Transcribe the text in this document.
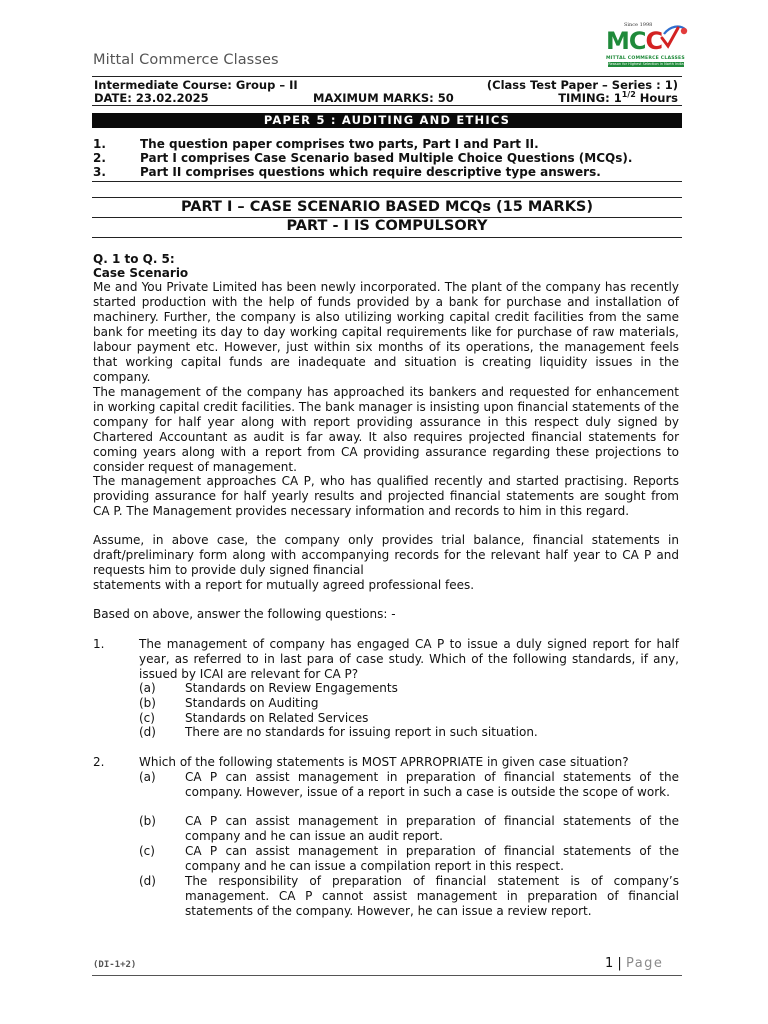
Mittal Commerce Classes
Since 1998
MCC
MITTAL COMMERCE CLASSES
Reason for Highest Selection in North India
Intermediate Course: Group – II	(Class Test Paper – Series : 1)
DATE: 23.02.2025	MAXIMUM MARKS: 50	TIMING: $1^{1/2}$ Hours
PAPER 5 : AUDITING AND ETHICS
1.	The question paper comprises two parts, Part I and Part II.
2.	Part I comprises Case Scenario based Multiple Choice Questions (MCQs).
3.	Part II comprises questions which require descriptive type answers.
PART I – CASE SCENARIO BASED MCQs (15 MARKS)
PART - I IS COMPULSORY
Q. 1 to Q. 5:
Case Scenario
Me and You Private Limited has been newly incorporated. The plant of the company has recently started production with the help of funds provided by a bank for purchase and installation of machinery. Further, the company is also utilizing working capital credit facilities from the same bank for meeting its day to day working capital requirements like for purchase of raw materials, labour payment etc. However, just within six months of its operations, the management feels that working capital funds are inadequate and situation is creating liquidity issues in the company.
The management of the company has approached its bankers and requested for enhancement in working capital credit facilities. The bank manager is insisting upon financial statements of the company for half year along with report providing assurance in this respect duly signed by Chartered Accountant as audit is far away. It also requires projected financial statements for coming years along with a report from CA providing assurance regarding these projections to consider request of management.
The management approaches CA P, who has qualified recently and started practising. Reports providing assurance for half yearly results and projected financial statements are sought from CA P. The Management provides necessary information and records to him in this regard.
Assume, in above case, the company only provides trial balance, financial statements in draft/preliminary form along with accompanying records for the relevant half year to CA P and requests him to provide duly signed financial
statements with a report for mutually agreed professional fees.
Based on above, answer the following questions: -
1.	The management of company has engaged CA P to issue a duly signed report for half year, as referred to in last para of case study. Which of the following standards, if any, issued by ICAI are relevant for CA P?
(a) Standards on Review Engagements
(b) Standards on Auditing
(c)	Standards on Related Services
(d) There are no standards for issuing report in such situation.
2.	Which of the following statements is MOST APRROPRIATE in given case situation?
(a) CA P can assist management in preparation of financial statements of the company. However, issue of a report in such a case is outside the scope of work.
(b) CA P can assist management in preparation of financial statements of the company and he can issue an audit report.
(c)	CA P can assist management in preparation of financial statements of the company and he can issue a compilation report in this respect.
(d) The responsibility of preparation of financial statement is of company’s management. CA P cannot assist management in preparation of financial statements of the company. However, he can issue a review report.
(DI-1+2)	1 | Page
